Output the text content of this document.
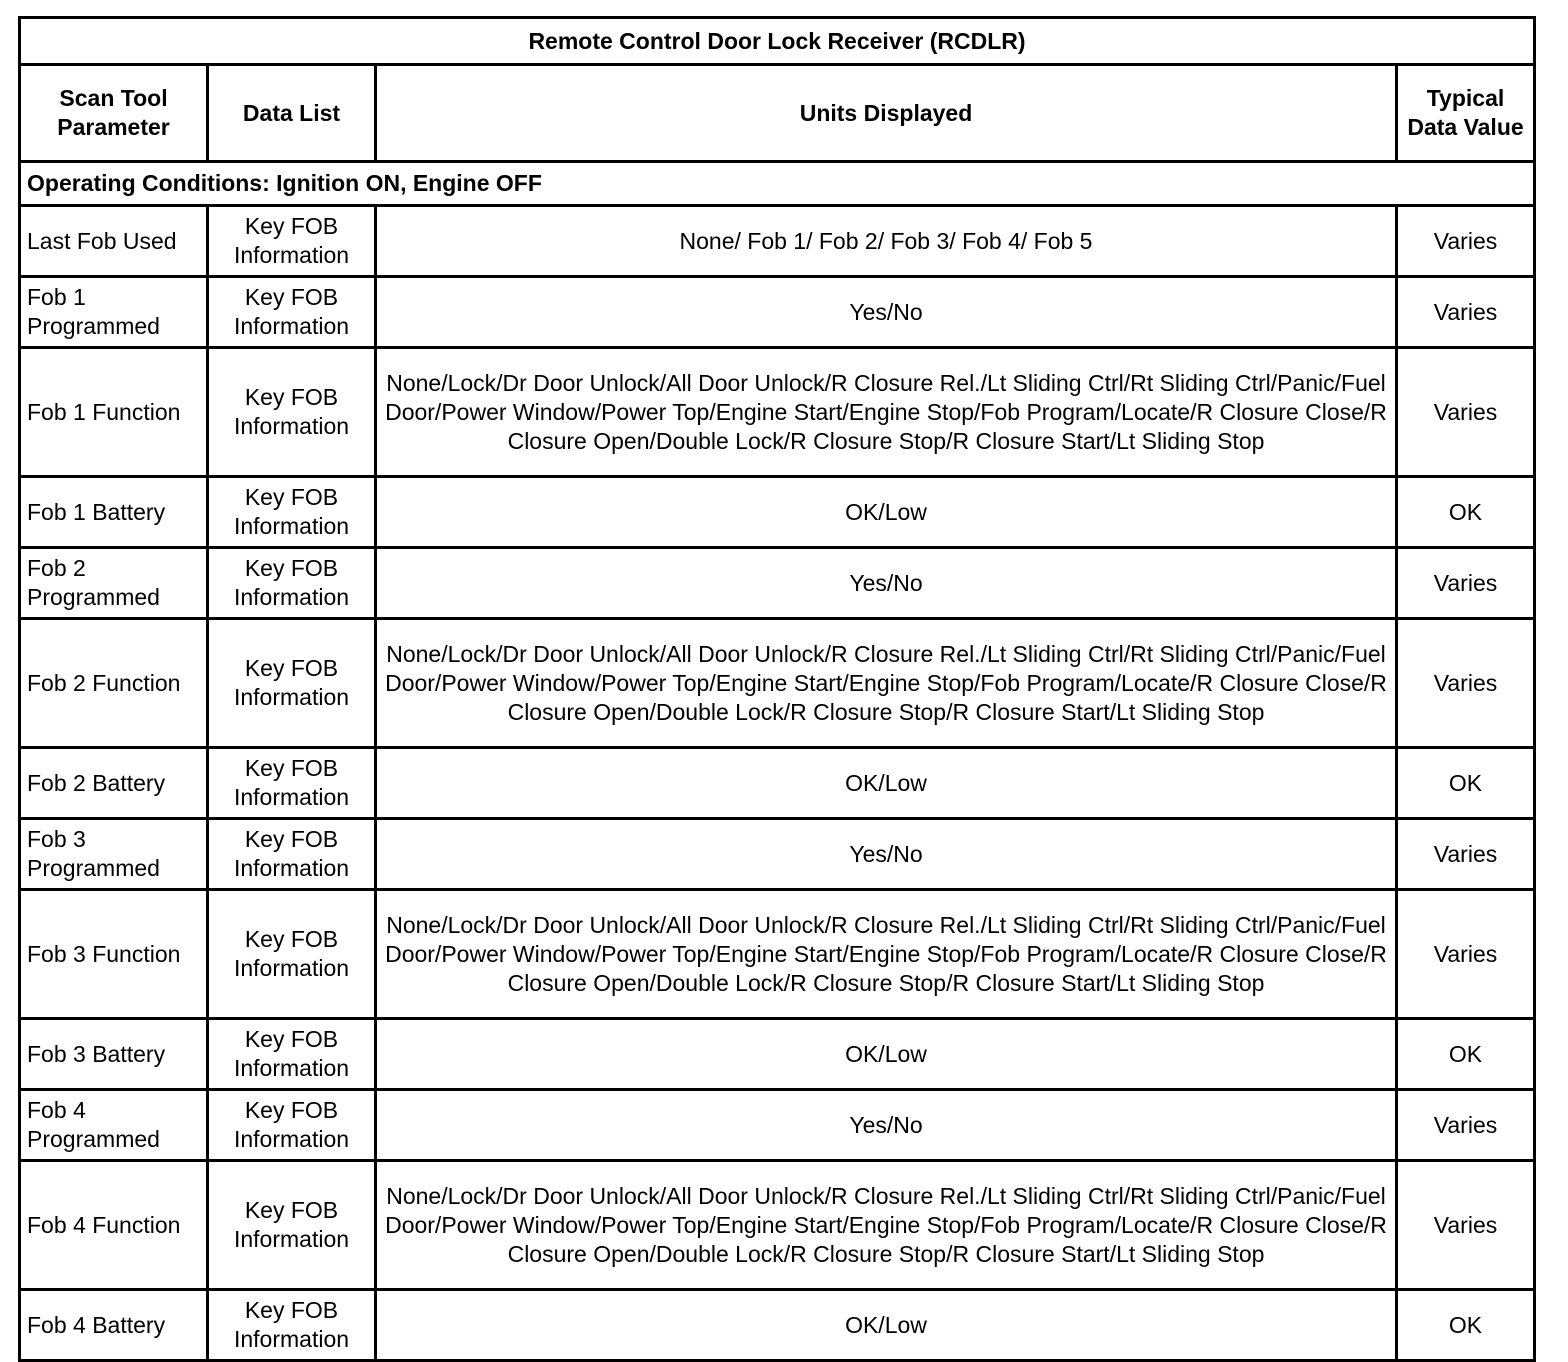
Remote Control Door Lock Receiver (RCDLR)			
Scan Tool Parameter	Data List	Units Displayed	Typical Data Value
Operating Conditions: Ignition ON, Engine OFF			
Last Fob Used	Key FOB Information	None/ Fob 1/ Fob 2/ Fob 3/ Fob 4/ Fob 5	Varies
Fob 1 Programmed	Key FOB Information	Yes/No	Varies
Fob 1 Function	Key FOB Information	None/Lock/Dr Door Unlock/All Door Unlock/R Closure Rel./Lt Sliding Ctrl/Rt Sliding Ctrl/Panic/Fuel Door/Power Window/Power Top/Engine Start/Engine Stop/Fob Program/Locate/R Closure Close/R Closure Open/Double Lock/R Closure Stop/R Closure Start/Lt Sliding Stop	Varies
Fob 1 Battery	Key FOB Information	OK/Low	OK
Fob 2 Programmed	Key FOB Information	Yes/No	Varies
Fob 2 Function	Key FOB Information	None/Lock/Dr Door Unlock/All Door Unlock/R Closure Rel./Lt Sliding Ctrl/Rt Sliding Ctrl/Panic/Fuel Door/Power Window/Power Top/Engine Start/Engine Stop/Fob Program/Locate/R Closure Close/R Closure Open/Double Lock/R Closure Stop/R Closure Start/Lt Sliding Stop	Varies
Fob 2 Battery	Key FOB Information	OK/Low	OK
Fob 3 Programmed	Key FOB Information	Yes/No	Varies
Fob 3 Function	Key FOB Information	None/Lock/Dr Door Unlock/All Door Unlock/R Closure Rel./Lt Sliding Ctrl/Rt Sliding Ctrl/Panic/Fuel Door/Power Window/Power Top/Engine Start/Engine Stop/Fob Program/Locate/R Closure Close/R Closure Open/Double Lock/R Closure Stop/R Closure Start/Lt Sliding Stop	Varies
Fob 3 Battery	Key FOB Information	OK/Low	OK
Fob 4 Programmed	Key FOB Information	Yes/No	Varies
Fob 4 Function	Key FOB Information	None/Lock/Dr Door Unlock/All Door Unlock/R Closure Rel./Lt Sliding Ctrl/Rt Sliding Ctrl/Panic/Fuel Door/Power Window/Power Top/Engine Start/Engine Stop/Fob Program/Locate/R Closure Close/R Closure Open/Double Lock/R Closure Stop/R Closure Start/Lt Sliding Stop	Varies
Fob 4 Battery	Key FOB Information	OK/Low	OK
